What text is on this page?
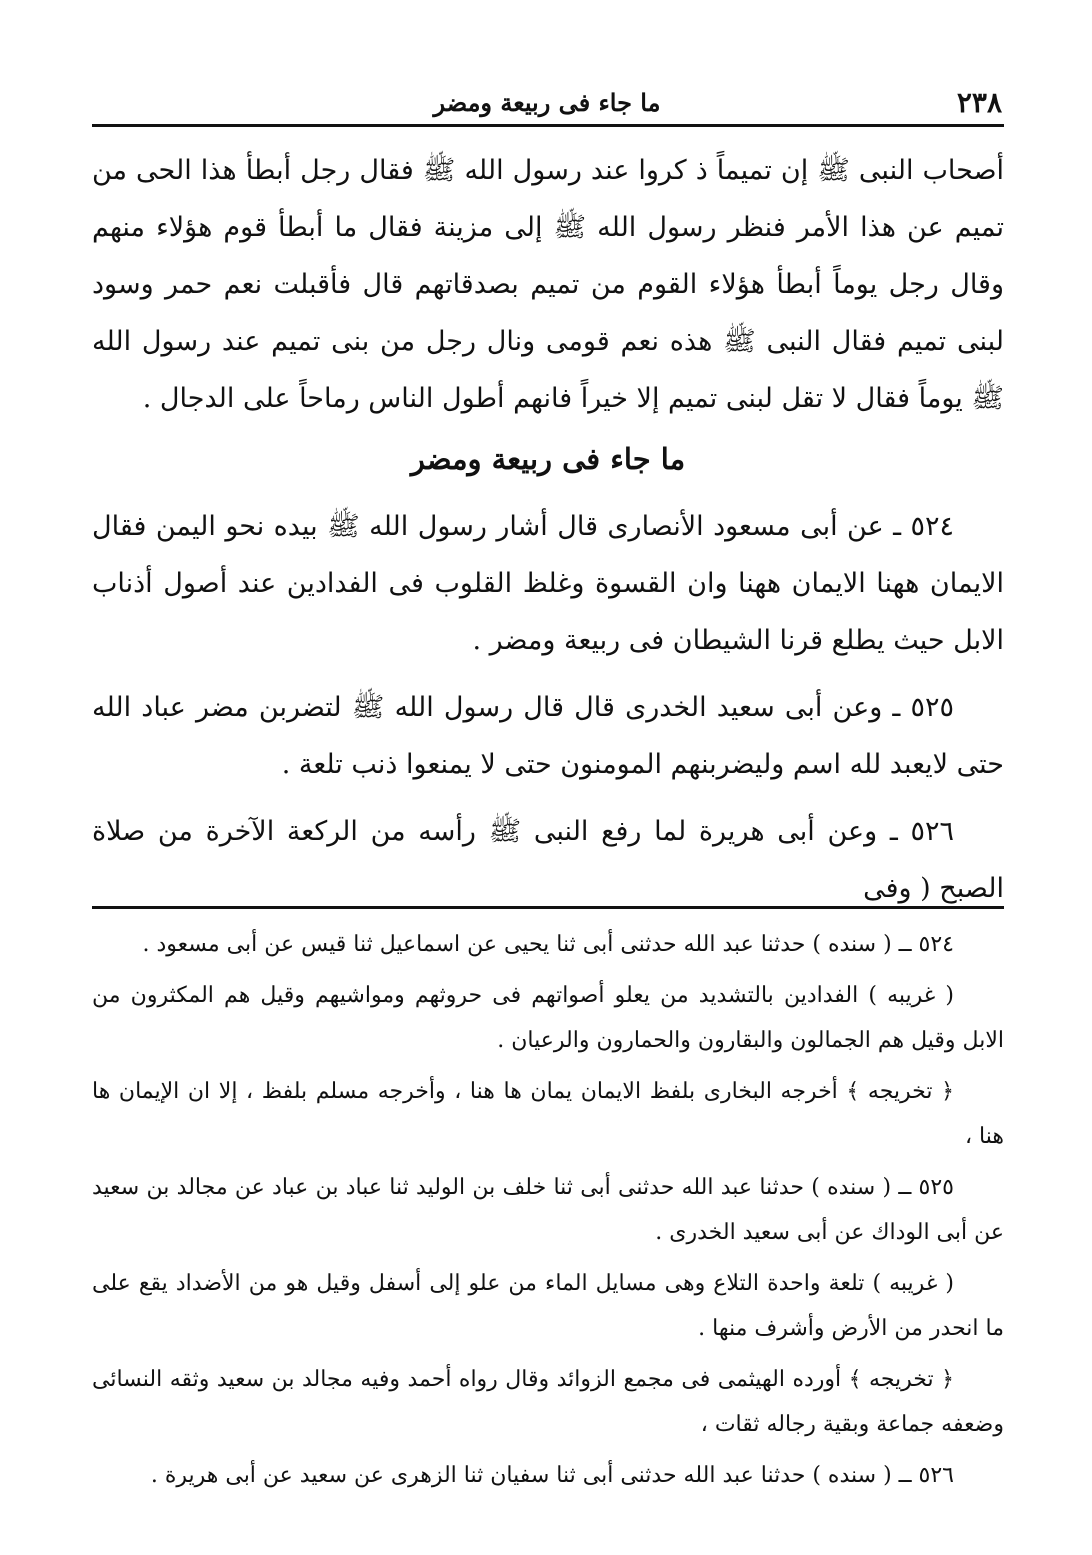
٢٣٨
ما جاء فى ربيعة ومضر

أصحاب النبى ﷺ إن تميماً ذ كروا عند رسول الله ﷺ فقال رجل أبطأ هذا الحى من تميم عن هذا الأمر فنظر رسول الله ﷺ إلى مزينة فقال ما أبطأ قوم هؤلاء منهم وقال رجل يوماً أبطأ هؤلاء القوم من تميم بصدقاتهم قال فأقبلت نعم حمر وسود لبنى تميم فقال النبى ﷺ هذه نعم قومى ونال رجل من بنى تميم عند رسول الله ﷺ يوماً فقال لا تقل لبنى تميم إلا خيراً فانهم أطول الناس رماحاً على الدجال .

ما جاء فى ربيعة ومضر

٥٢٤ ـ عن أبى مسعود الأنصارى قال أشار رسول الله ﷺ بيده نحو اليمن فقال الايمان ههنا الايمان ههنا وان القسوة وغلظ القلوب فى الفدادين عند أصول أذناب الابل حيث يطلع قرنا الشيطان فى ربيعة ومضر .

٥٢٥ ـ وعن أبى سعيد الخدرى قال قال رسول الله ﷺ لتضربن مضر عباد الله حتى لايعبد لله اسم وليضربنهم المومنون حتى لا يمنعوا ذنب تلعة .

٥٢٦ ـ وعن أبى هريرة لما رفع النبى ﷺ رأسه من الركعة الآخرة من صلاة الصبح ( وفى

٥٢٤ ــ ( سنده ) حدثنا عبد الله حدثنى أبى ثنا يحيى عن اسماعيل ثنا قيس عن أبى مسعود .

( غريبه ) الفدادين بالتشديد من يعلو أصواتهم فى حروثهم ومواشيهم وقيل هم المكثرون من الابل وقيل هم الجمالون والبقارون والحمارون والرعيان .

﴿ تخريجه ﴾ أخرجه البخارى بلفظ الايمان يمان ها هنا ، وأخرجه مسلم بلفظ ، إلا ان الإيمان ها هنا ،

٥٢٥ ــ ( سنده ) حدثنا عبد الله حدثنى أبى ثنا خلف بن الوليد ثنا عباد بن عباد عن مجالد بن سعيد عن أبى الوداك عن أبى سعيد الخدرى .

( غريبه ) تلعة واحدة التلاع وهى مسايل الماء من علو إلى أسفل وقيل هو من الأضداد يقع على ما انحدر من الأرض وأشرف منها .

﴿ تخريجه ﴾ أورده الهيثمى فى مجمع الزوائد وقال رواه أحمد وفيه مجالد بن سعيد وثقه النسائى وضعفه جماعة وبقية رجاله ثقات ،

٥٢٦ ــ ( سنده ) حدثنا عبد الله حدثنى أبى ثنا سفيان ثنا الزهرى عن سعيد عن أبى هريرة .
